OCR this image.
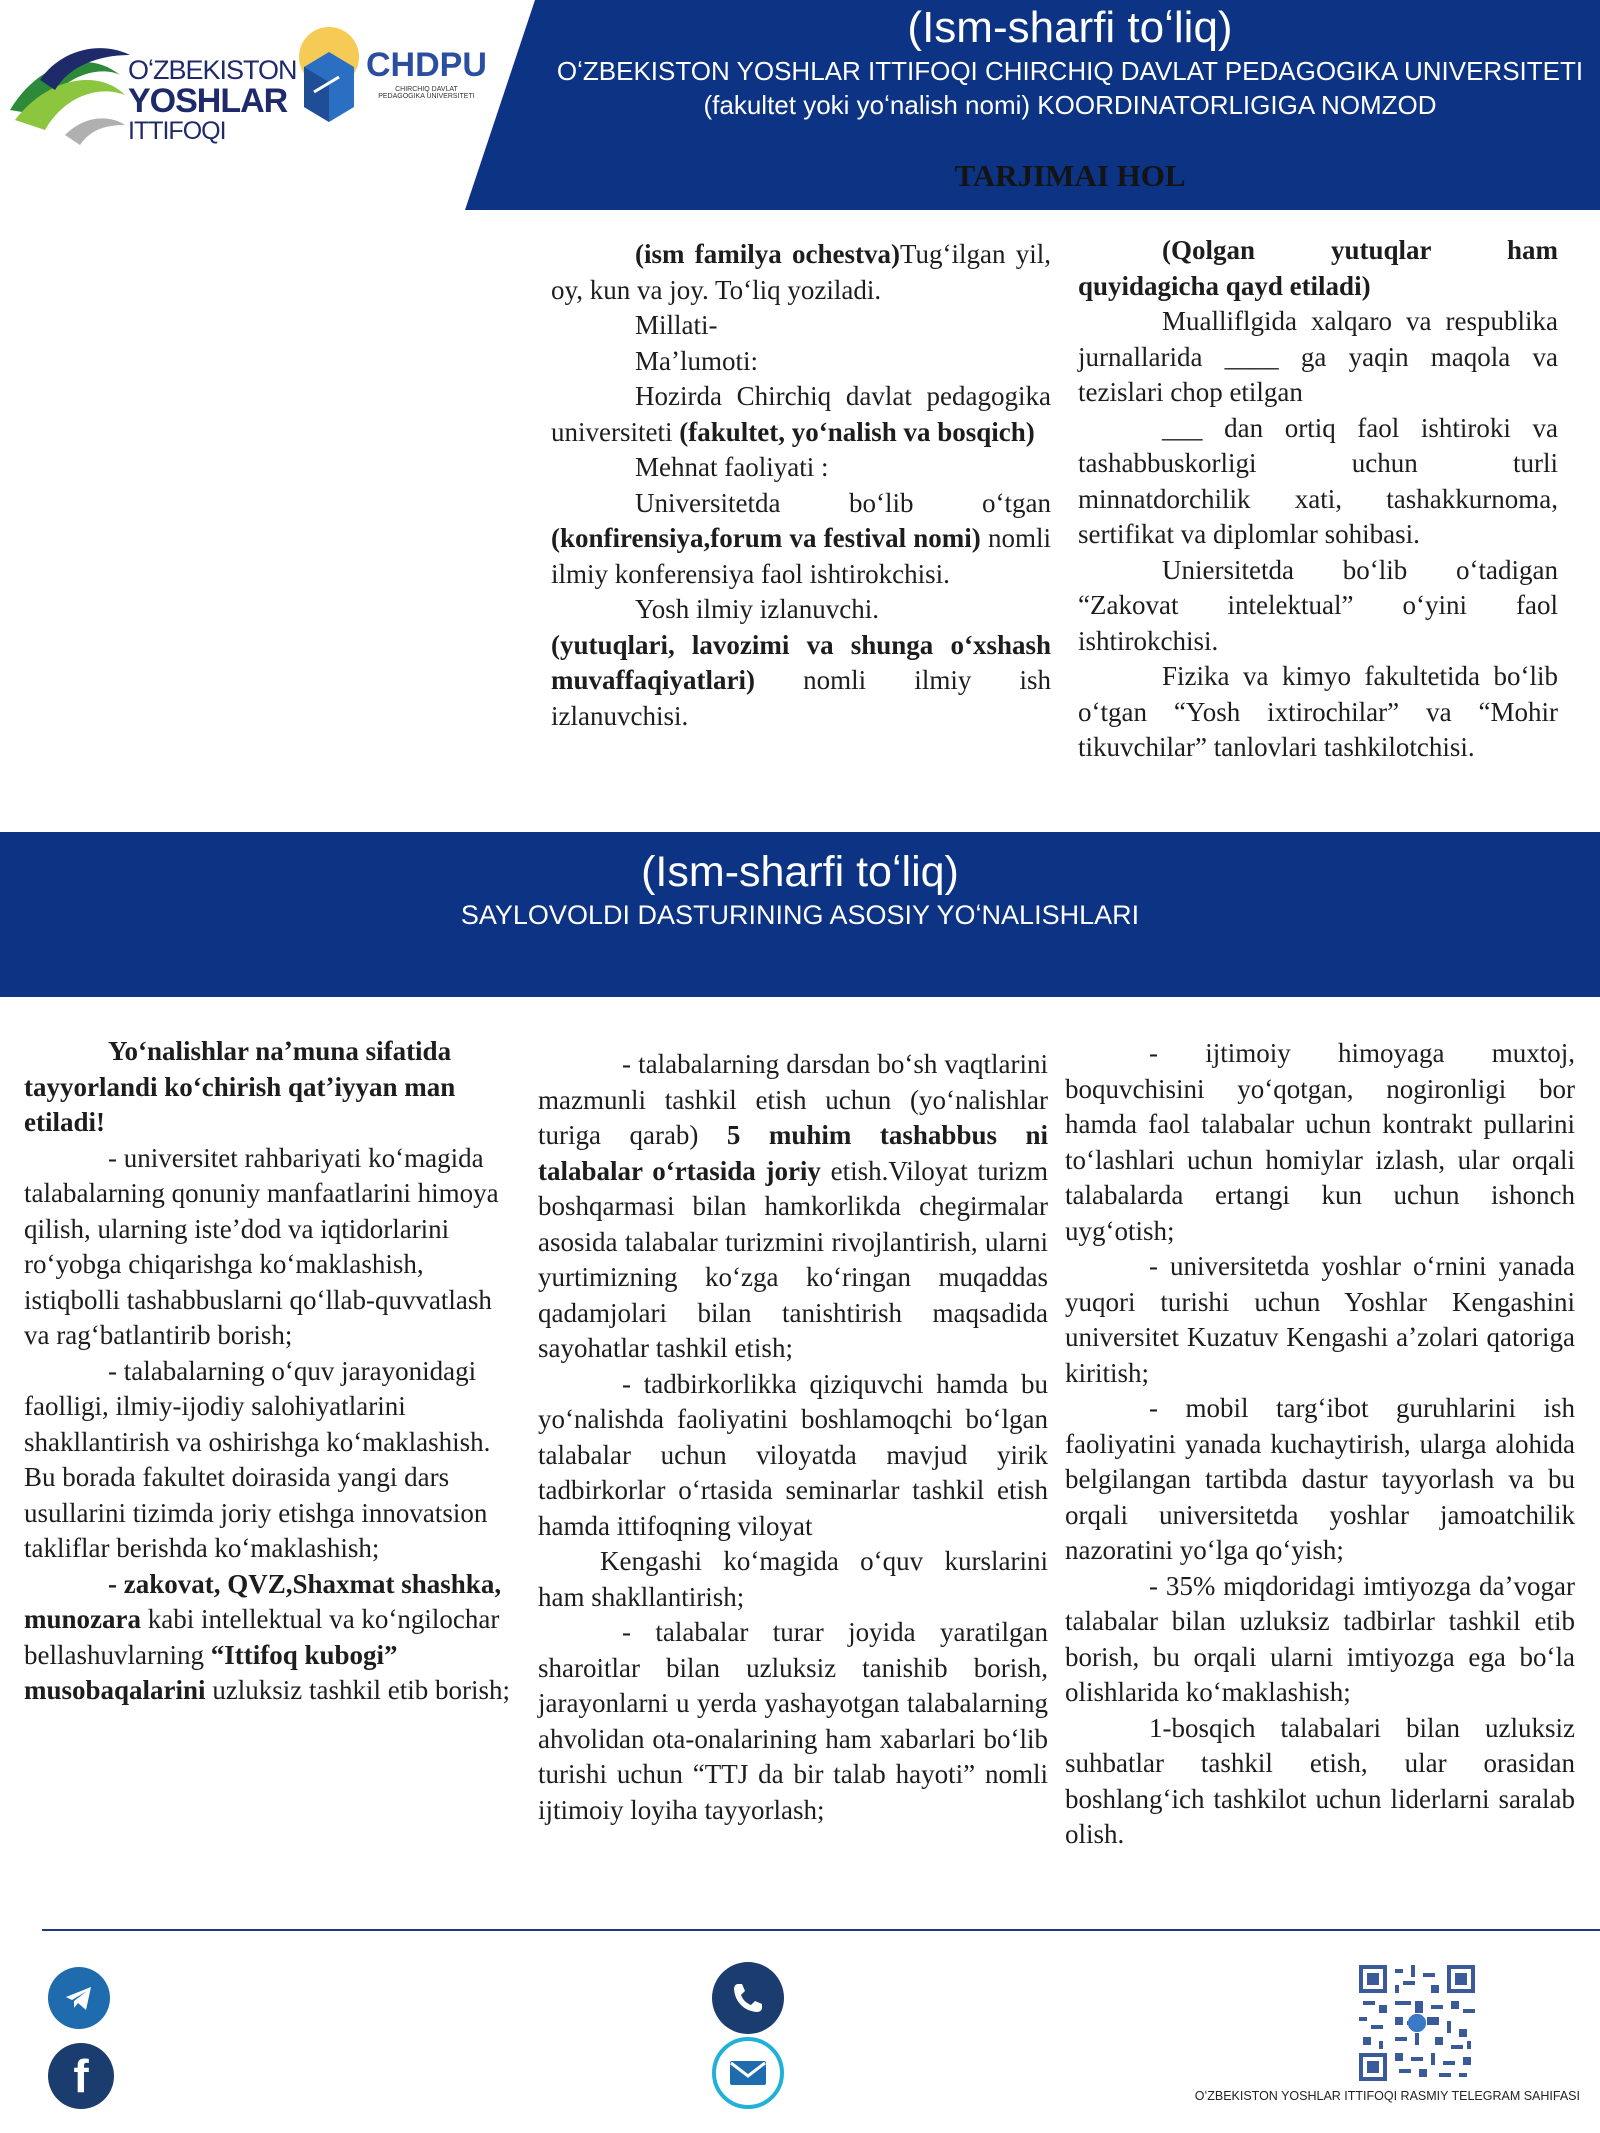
OʻZBEKISTON
YOSHLAR
ITTIFOQI
CHDPU
CHIRCHIQ DAVLAT
PEDAGOGIKA UNIVERSITETI
(Ism-sharfi toʻliq)
OʻZBEKISTON YOSHLAR ITTIFOQI CHIRCHIQ DAVLAT PEDAGOGIKA UNIVERSITETI
(fakultet yoki yoʻnalish nomi) KOORDINATORLIGIGA NOMZOD
TARJIMAI HOL

(ism familya ochestva)Tugʻilgan yil, oy, kun va joy. Toʻliq yoziladi.

Millati-

Maʼlumoti:

Hozirda Chirchiq davlat pedagogika universiteti (fakultet, yoʻnalish va bosqich)

Mehnat faoliyati :

Universitetda boʻlib oʻtgan (konfirensiya,forum va festival nomi) nomli ilmiy konferensiya faol ishtirokchisi.

Yosh ilmiy izlanuvchi.

(yutuqlari, lavozimi va shunga oʻxshash muvaffaqiyatlari) nomli ilmiy ish izlanuvchisi.

(Qolgan yutuqlar ham quyidagicha qayd etiladi)

Mualliflgida xalqaro va respublika jurnallarida ____ ga yaqin maqola va tezislari chop etilgan

___ dan ortiq faol ishtiroki va tashabbuskorligi uchun turli minnatdorchilik xati, tashakkurnoma, sertifikat va diplomlar sohibasi.

Uniersitetda boʻlib oʻtadigan “Zakovat intelektual” oʻyini faol ishtirokchisi.

Fizika va kimyo fakultetida boʻlib oʻtgan “Yosh ixtirochilar” va “Mohir tikuvchilar” tanlovlari tashkilotchisi.

(Ism-sharfi toʻliq)
SAYLOVOLDI DASTURINING ASOSIY YOʻNALISHLARI

Yoʻnalishlar naʼmuna sifatida tayyorlandi koʻchirish qatʼiyyan man etiladi!

- universitet rahbariyati koʻmagida talabalarning qonuniy manfaatlarini himoya qilish, ularning isteʼdod va iqtidorlarini roʻyobga chiqarishga koʻmaklashish, istiqbolli tashabbuslarni qoʻllab-quvvatlash va ragʻbatlantirib borish;

- talabalarning oʻquv jarayonidagi faolligi, ilmiy-ijodiy salohiyatlarini shakllantirish va oshirishga koʻmaklashish. Bu borada fakultet doirasida yangi dars usullarini tizimda joriy etishga innovatsion takliflar berishda koʻmaklashish;

- zakovat, QVZ,Shaxmat shashka, munozara kabi intellektual va koʻngilochar bellashuvlarning “Ittifoq kubogi” musobaqalarini uzluksiz tashkil etib borish;

- talabalarning darsdan boʻsh vaqtlarini mazmunli tashkil etish uchun (yoʻnalishlar turiga qarab) 5 muhim tashabbus ni talabalar oʻrtasida joriy etish.Viloyat turizm boshqarmasi bilan hamkorlikda chegirmalar asosida talabalar turizmini rivojlantirish, ularni yurtimizning koʻzga koʻringan muqaddas qadamjolari bilan tanishtirish maqsadida sayohatlar tashkil etish;

- tadbirkorlikka qiziquvchi hamda bu yoʻnalishda faoliyatini boshlamoqchi boʻlgan talabalar uchun viloyatda mavjud yirik tadbirkorlar oʻrtasida seminarlar tashkil etish hamda ittifoqning viloyat

Kengashi koʻmagida oʻquv kurslarini ham shakllantirish;

- talabalar turar joyida yaratilgan sharoitlar bilan uzluksiz tanishib borish, jarayonlarni u yerda yashayotgan talabalarning ahvolidan ota-onalarining ham xabarlari boʻlib turishi uchun “TTJ da bir talab hayoti” nomli ijtimoiy loyiha tayyorlash;

- ijtimoiy himoyaga muxtoj, boquvchisini yoʻqotgan, nogironligi bor hamda faol talabalar uchun kontrakt pullarini toʻlashlari uchun homiylar izlash, ular orqali talabalarda ertangi kun uchun ishonch uygʻotish;

- universitetda yoshlar oʻrnini yanada yuqori turishi uchun Yoshlar Kengashini universitet Kuzatuv Kengashi aʼzolari qatoriga kiritish;

- mobil targʻibot guruhlarini ish faoliyatini yanada kuchaytirish, ularga alohida belgilangan tartibda dastur tayyorlash va bu orqali universitetda yoshlar jamoatchilik nazoratini yoʻlga qoʻyish;

- 35% miqdoridagi imtiyozga daʼvogar talabalar bilan uzluksiz tadbirlar tashkil etib borish, bu orqali ularni imtiyozga ega boʻla olishlarida koʻmaklashish;

1-bosqich talabalari bilan uzluksiz suhbatlar tashkil etish, ular orasidan boshlangʻich tashkilot uchun liderlarni saralab olish.

f	OʻZBEKISTON YOSHLAR ITTIFOQI RASMIY TELEGRAM SAHIFASI
